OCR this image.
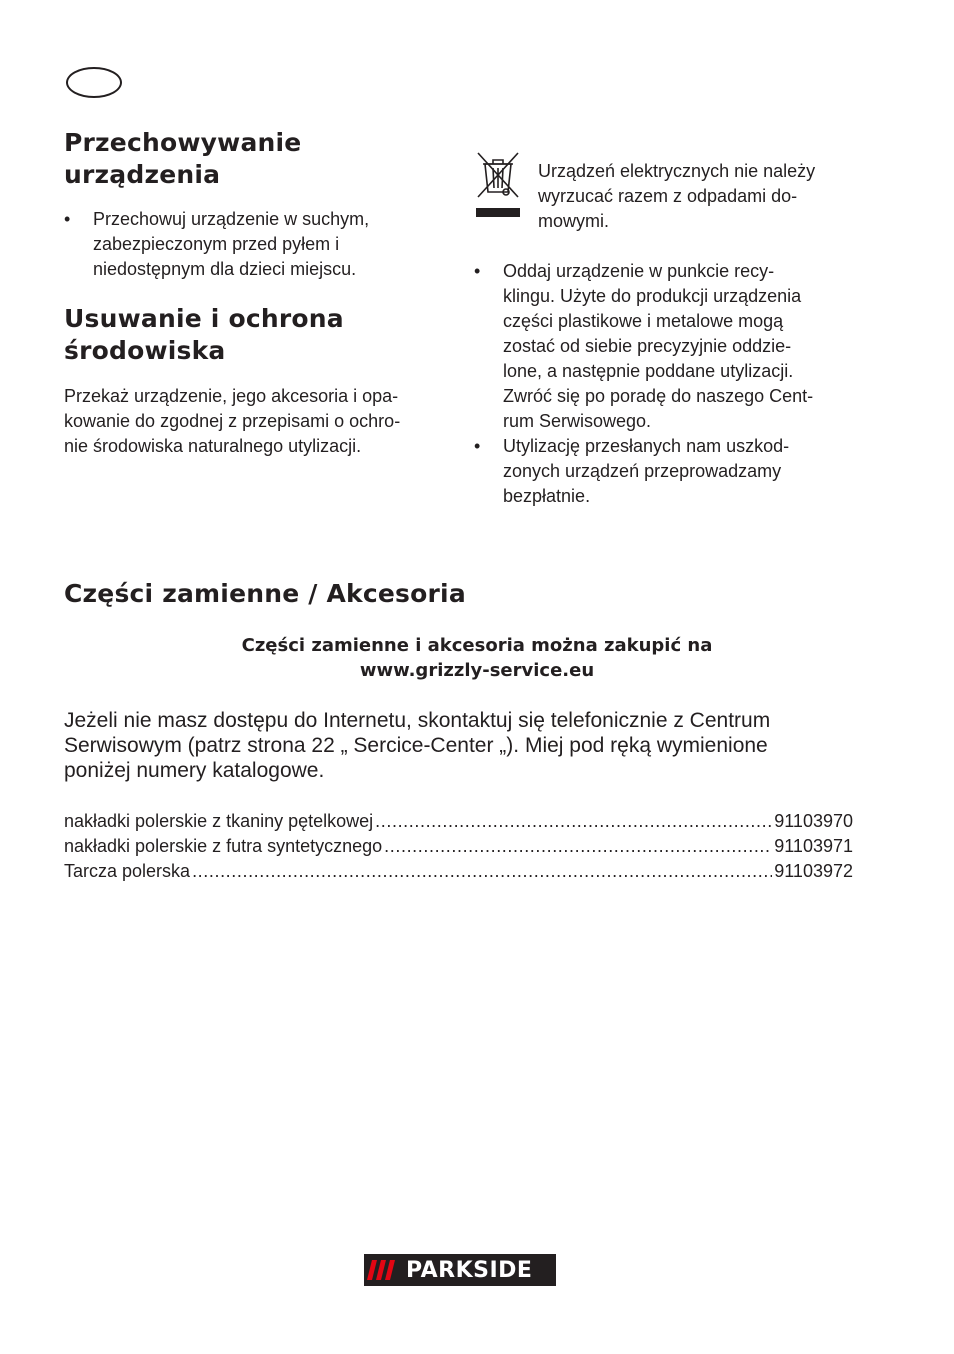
Przechowywanie
urządzenia
• Przechowuj urządzenie w suchym,
zabezpieczonym przed pyłem i
niedostępnym dla dzieci miejscu.
Usuwanie i ochrona
środowiska
Przekaż urządzenie, jego akcesoria i opa-
kowanie do zgodnej z przepisami o ochro-
nie środowiska naturalnego utylizacji.
Urządzeń elektrycznych nie należy
wyrzucać razem z odpadami do-
mowymi.
• Oddaj urządzenie w punkcie recy-
klingu. Użyte do produkcji urządzenia
części plastikowe i metalowe mogą
zostać od siebie precyzyjnie oddzie-
lone, a następnie poddane utylizacji.
Zwróć się po poradę do naszego Cent-
rum Serwisowego.
• Utylizację przesłanych nam uszkod-
zonych urządzeń przeprowadzamy
bezpłatnie.
Części zamienne / Akcesoria
Części zamienne i akcesoria można zakupić na
www.grizzly-service.eu
Jeżeli nie masz dostępu do Internetu, skontaktuj się telefonicznie z Centrum
Serwisowym (patrz strona 22 „ Sercice-Center „). Miej pod ręką wymienione
poniżej numery katalogowe.
nakładki polerskie z tkaniny pętelkowej .....	91103970
nakładki polerskie z futra syntetycznego .....	91103971
Tarcza polerska .....	91103972
PARKSIDE
